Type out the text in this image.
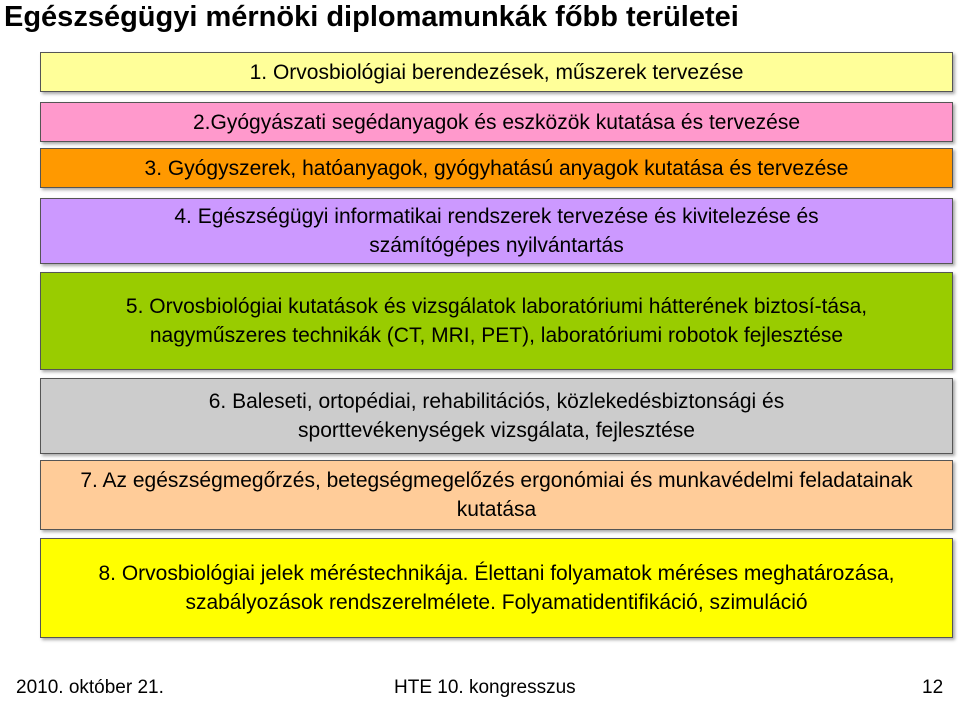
Egészségügyi mérnöki diplomamunkák főbb területei
1. Orvosbiológiai berendezések, műszerek tervezése
2.Gyógyászati segédanyagok és eszközök kutatása és tervezése
3. Gyógyszerek, hatóanyagok, gyógyhatású anyagok kutatása és tervezése
4. Egészségügyi informatikai rendszerek tervezése és kivitelezése és számítógépes nyilvántartás
5. Orvosbiológiai kutatások és vizsgálatok laboratóriumi hátterének biztosí-tása, nagyműszeres technikák (CT, MRI, PET), laboratóriumi robotok fejlesztése
6. Baleseti, ortopédiai, rehabilitációs, közlekedésbiztonsági és sporttevékenységek vizsgálata, fejlesztése
7. Az egészségmegőrzés, betegségmegelőzés ergonómiai és munkavédelmi feladatainak kutatása
8. Orvosbiológiai jelek méréstechnikája. Élettani folyamatok méréses meghatározása, szabályozások rendszerelmélete. Folyamatidentifikáció, szimuláció
2010. október 21.	HTE 10. kongresszus	12
